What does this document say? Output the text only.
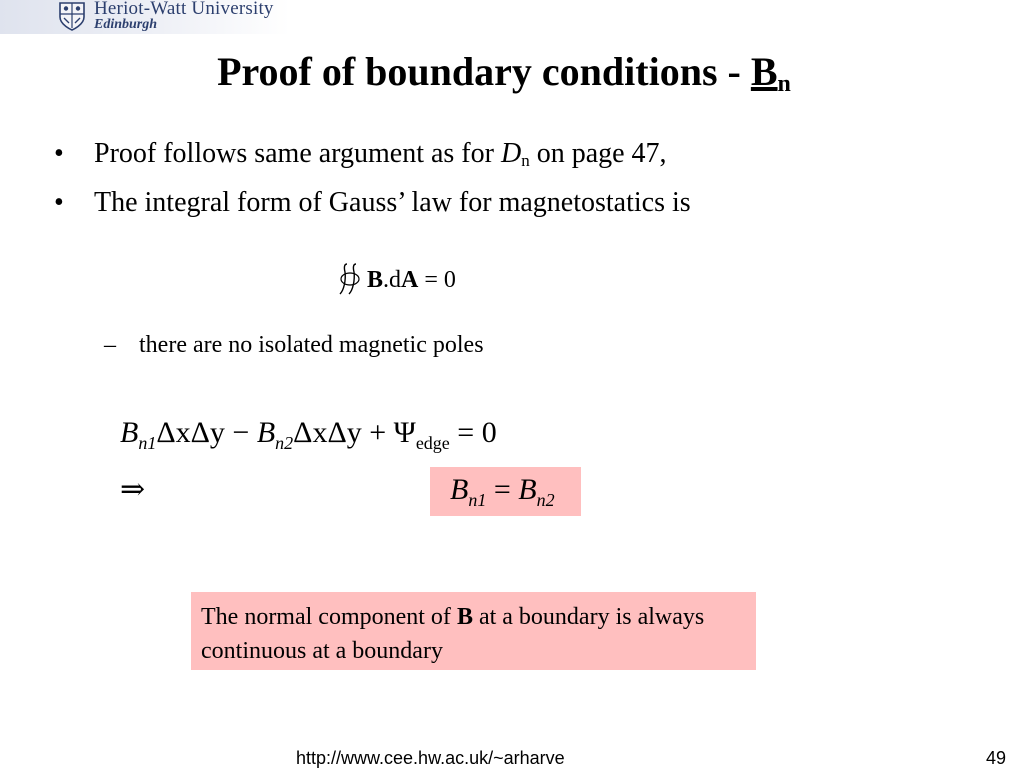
Heriot-Watt University
Edinburgh
Proof of boundary conditions - $B_n$
• Proof follows same argument as for $D_n$ on page 47,
• The integral form of Gauss’ law for magnetostatics is
B.dA = 0
– there are no isolated magnetic poles
$B_{n1}\Delta x\Delta y - B_{n2}\Delta x\Delta y + \Psi_{edge} = 0$
⇒	$B_{n1} = B_{n2}$
The normal component of B at a boundary is always continuous at a boundary
http://www.cee.hw.ac.uk/~arharve	49
